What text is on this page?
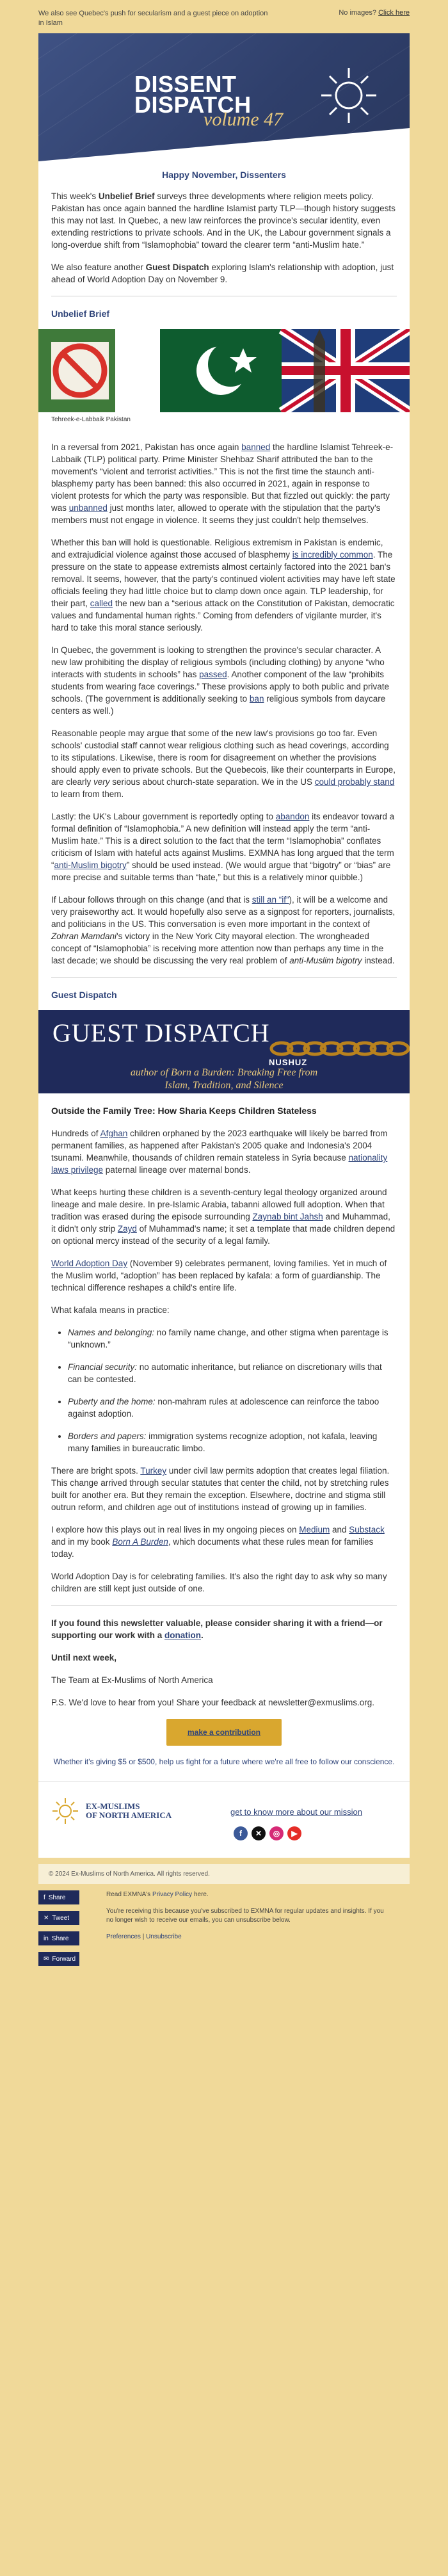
We also see Quebec's push for secularism and a guest piece on adoption in Islam
No images? Click here
DISSENT
DISPATCH
volume 47
Happy November, Dissenters

This week's Unbelief Brief surveys three developments where religion meets policy. Pakistan has once again banned the hardline Islamist party TLP—though history suggests this may not last. In Quebec, a new law reinforces the province's secular identity, even extending restrictions to private schools. And in the UK, the Labour government signals a long-overdue shift from “Islamophobia” toward the clearer term “anti-Muslim hate.”

We also feature another Guest Dispatch exploring Islam's relationship with adoption, just ahead of World Adoption Day on November 9.

Unbelief Brief
Tehreek-e-Labbaik Pakistan

In a reversal from 2021, Pakistan has once again banned the hardline Islamist Tehreek-e-Labbaik (TLP) political party. Prime Minister Shehbaz Sharif attributed the ban to the movement's “violent and terrorist activities.” This is not the first time the staunch anti-blasphemy party has been banned: this also occurred in 2021, again in response to violent protests for which the party was responsible. But that fizzled out quickly: the party was unbanned just months later, allowed to operate with the stipulation that the party's members must not engage in violence. It seems they just couldn't help themselves.

Whether this ban will hold is questionable. Religious extremism in Pakistan is endemic, and extrajudicial violence against those accused of blasphemy is incredibly common. The pressure on the state to appease extremists almost certainly factored into the 2021 ban's removal. It seems, however, that the party's continued violent activities may have left state officials feeling they had little choice but to clamp down once again. TLP leadership, for their part, called the new ban a “serious attack on the Constitution of Pakistan, democratic values and fundamental human rights.” Coming from defenders of vigilante murder, it's hard to take this moral stance seriously.

In Quebec, the government is looking to strengthen the province's secular character. A new law prohibiting the display of religious symbols (including clothing) by anyone “who interacts with students in schools” has passed. Another component of the law “prohibits students from wearing face coverings.” These provisions apply to both public and private schools. (The government is additionally seeking to ban religious symbols from daycare centers as well.)

Reasonable people may argue that some of the new law's provisions go too far. Even schools' custodial staff cannot wear religious clothing such as head coverings, according to its stipulations. Likewise, there is room for disagreement on whether the provisions should apply even to private schools. But the Quebecois, like their counterparts in Europe, are clearly very serious about church-state separation. We in the US could probably stand to learn from them.

Lastly: the UK's Labour government is reportedly opting to abandon its endeavor toward a formal definition of “Islamophobia.” A new definition will instead apply the term “anti-Muslim hate.” This is a direct solution to the fact that the term “Islamophobia” conflates criticism of Islam with hateful acts against Muslims. EXMNA has long argued that the term “anti-Muslim bigotry” should be used instead. (We would argue that “bigotry” or “bias” are more precise and suitable terms than “hate,” but this is a relatively minor quibble.)

If Labour follows through on this change (and that is still an “if”), it will be a welcome and very praiseworthy act. It would hopefully also serve as a signpost for reporters, journalists, and politicians in the US. This conversation is even more important in the context of Zohran Mamdani's victory in the New York City mayoral election. The wrongheaded concept of “Islamophobia” is receiving more attention now than perhaps any time in the last decade; we should be discussing the very real problem of anti-Muslim bigotry instead.

Guest Dispatch
GUEST DISPATCH
NUSHUZ
author of Born a Burden: Breaking Free from
Islam, Tradition, and Silence
Outside the Family Tree: How Sharia Keeps Children Stateless

Hundreds of Afghan children orphaned by the 2023 earthquake will likely be barred from permanent families, as happened after Pakistan's 2005 quake and Indonesia's 2004 tsunami. Meanwhile, thousands of children remain stateless in Syria because nationality laws privilege paternal lineage over maternal bonds.

What keeps hurting these children is a seventh-century legal theology organized around lineage and male desire. In pre-Islamic Arabia, tabanni allowed full adoption. When that tradition was erased during the episode surrounding Zaynab bint Jahsh and Muhammad, it didn't only strip Zayd of Muhammad's name; it set a template that made children depend on optional mercy instead of the security of a legal family.

World Adoption Day (November 9) celebrates permanent, loving families. Yet in much of the Muslim world, “adoption” has been replaced by kafala: a form of guardianship. The technical difference reshapes a child's entire life.

What kafala means in practice:

• Names and belonging: no family name change, and other stigma when parentage is “unknown.”
• Financial security: no automatic inheritance, but reliance on discretionary wills that can be contested.
• Puberty and the home: non-mahram rules at adolescence can reinforce the taboo against adoption.
• Borders and papers: immigration systems recognize adoption, not kafala, leaving many families in bureaucratic limbo.

There are bright spots. Turkey under civil law permits adoption that creates legal filiation. This change arrived through secular statutes that center the child, not by stretching rules built for another era. But they remain the exception. Elsewhere, doctrine and stigma still outrun reform, and children age out of institutions instead of growing up in families.

I explore how this plays out in real lives in my ongoing pieces on Medium and Substack and in my book Born A Burden, which documents what these rules mean for families today.

World Adoption Day is for celebrating families. It's also the right day to ask why so many children are still kept just outside of one.

If you found this newsletter valuable, please consider sharing it with a friend—or supporting our work with a donation.

Until next week,

The Team at Ex-Muslims of North America

P.S. We'd love to hear from you! Share your feedback at newsletter@exmuslims.org.

make a contribution
Whether it's giving $5 or $500, help us fight for a future where we're all free to follow our conscience.
EX-MUSLIMS
OF NORTH AMERICA	get to know more about our mission
f	✕	◎	▶
© 2024 Ex-Muslims of North America. All rights reserved.
f Share
✕ Tweet
in Share
✉ Forward

Read EXMNA's Privacy Policy here.

You're receiving this because you've subscribed to EXMNA for regular updates and insights. If you no longer wish to receive our emails, you can unsubscribe below.

Preferences | Unsubscribe
